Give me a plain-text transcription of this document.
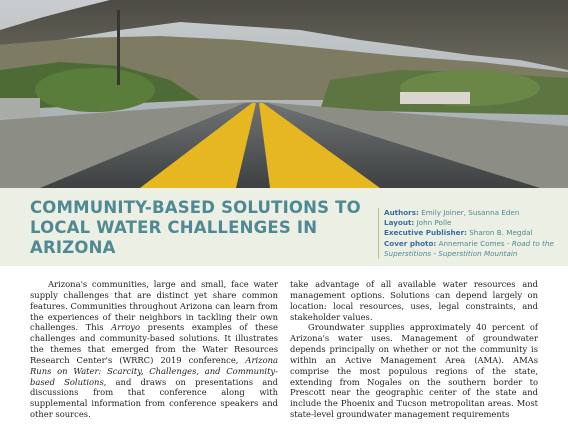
COMMUNITY-BASED SOLUTIONS TO LOCAL WATER CHALLENGES IN ARIZONA
Authors: Emily Joiner, Susanna Eden
Layout: John Polle
Executive Publisher: Sharon B. Megdal
Cover photo: Annemarie Comes - Road to the Superstitions - Superstition Mountain

Arizona's communities, large and small, face water supply challenges that are distinct yet share common features. Communities throughout Arizona can learn from the experiences of their neighbors in tackling their own challenges. This Arroyo presents examples of these challenges and community-based solutions. It illustrates the themes that emerged from the Water Resources Research Center's (WRRC) 2019 conference, Arizona Runs on Water: Scarcity, Challenges, and Community-based Solutions, and draws on presentations and discussions from that conference along with supplemental information from conference speakers and other sources.

take advantage of all available water resources and management options. Solutions can depend largely on location: local resources, uses, legal constraints, and stakeholder values.

Groundwater supplies approximately 40 percent of Arizona's water uses. Management of groundwater depends principally on whether or not the community is within an Active Management Area (AMA). AMAs comprise the most populous regions of the state, extending from Nogales on the southern border to Prescott near the geographic center of the state and include the Phoenix and Tucson metropolitan areas. Most state-level groundwater management requirements
